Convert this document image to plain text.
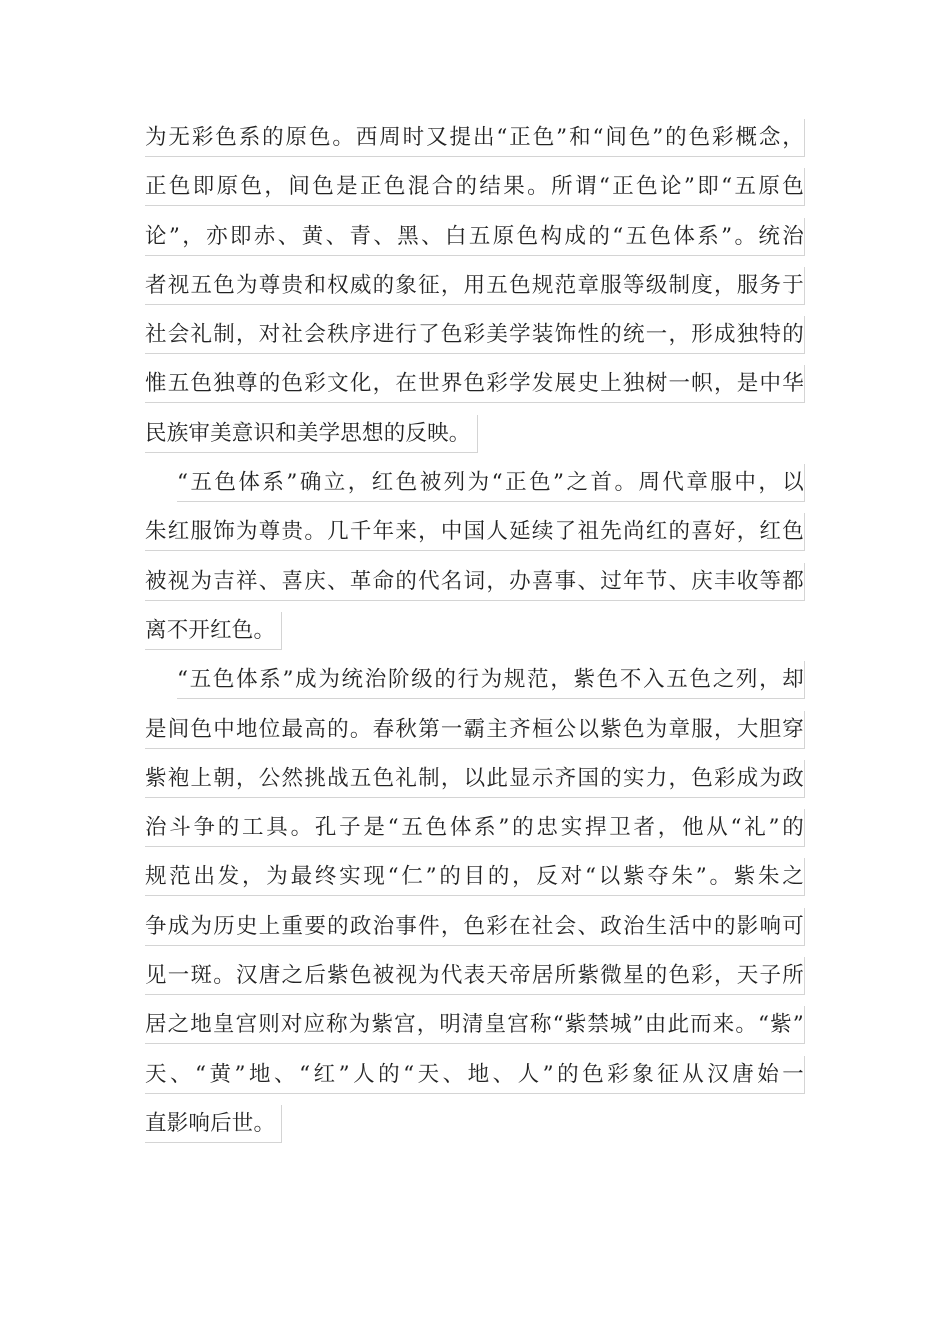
为无彩色系的原色。西周时又提出“正色”和“间色”的色彩概念，
正色即原色，间色是正色混合的结果。所谓“正色论”即“五原色
论”，亦即赤、黄、青、黑、白五原色构成的“五色体系”。统治
者视五色为尊贵和权威的象征，用五色规范章服等级制度，服务于
社会礼制，对社会秩序进行了色彩美学装饰性的统一，形成独特的
惟五色独尊的色彩文化，在世界色彩学发展史上独树一帜，是中华
民族审美意识和美学思想的反映。
“五色体系”确立，红色被列为“正色”之首。周代章服中，以
朱红服饰为尊贵。几千年来，中国人延续了祖先尚红的喜好，红色
被视为吉祥、喜庆、革命的代名词，办喜事、过年节、庆丰收等都
离不开红色。
“五色体系”成为统治阶级的行为规范，紫色不入五色之列，却
是间色中地位最高的。春秋第一霸主齐桓公以紫色为章服，大胆穿
紫袍上朝，公然挑战五色礼制，以此显示齐国的实力，色彩成为政
治斗争的工具。孔子是“五色体系”的忠实捍卫者，他从“礼”的
规范出发，为最终实现“仁”的目的，反对“以紫夺朱”。紫朱之
争成为历史上重要的政治事件，色彩在社会、政治生活中的影响可
见一斑。汉唐之后紫色被视为代表天帝居所紫微星的色彩，天子所
居之地皇宫则对应称为紫宫，明清皇宫称“紫禁城”由此而来。“紫”
天、“黄”地、“红”人的“天、地、人”的色彩象征从汉唐始一
直影响后世。
